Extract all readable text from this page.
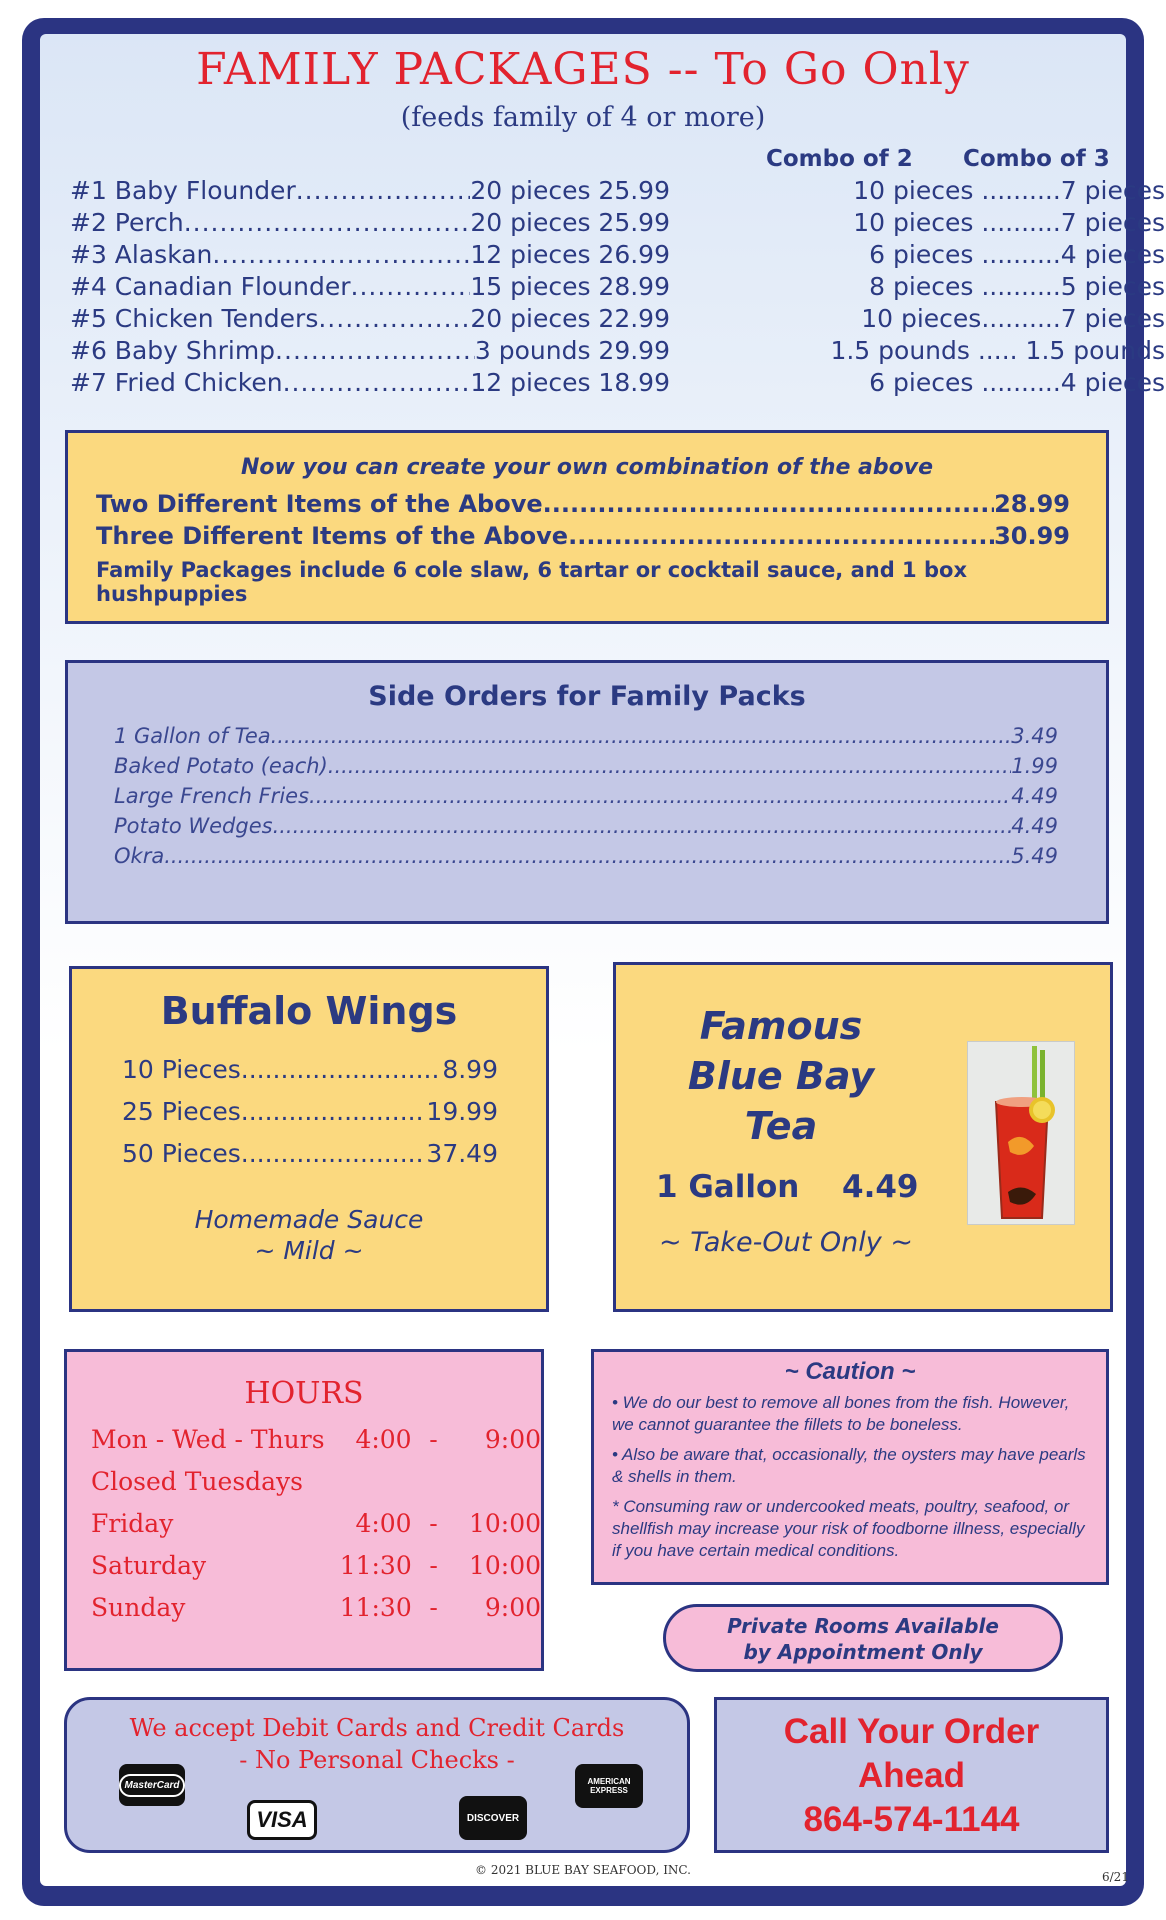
FAMILY PACKAGES -- To Go Only
(feeds family of 4 or more)
Combo of 2 Combo of 3
#1 Baby Flounder .....	20 pieces 25.99	10 pieces ..........7 pieces
#2 Perch .....	20 pieces 25.99	10 pieces ..........7 pieces
#3 Alaskan .....	12 pieces 26.99	6 pieces ..........4 pieces
#4 Canadian Flounder .....	15 pieces 28.99	8 pieces ..........5 pieces
#5 Chicken Tenders .....	20 pieces 22.99	10 pieces..........7 pieces
#6 Baby Shrimp .....	3 pounds 29.99	1.5 pounds ..... 1.5 pounds
#7 Fried Chicken .....	12 pieces 18.99	6 pieces ..........4 pieces
Now you can create your own combination of the above
Two Different Items of the Above .....	28.99
Three Different Items of the Above .....	30.99
Family Packages include 6 cole slaw, 6 tartar or cocktail sauce, and 1 box hushpuppies
Side Orders for Family Packs
1 Gallon of Tea .....	3.49
Baked Potato (each) .....	1.99
Large French Fries .....	4.49
Potato Wedges .....	4.49
Okra .....	5.49
Buffalo Wings
10 Pieces .....	8.99
25 Pieces .....	19.99
50 Pieces .....	37.49
Homemade Sauce
~ Mild ~
Famous
Blue Bay
Tea
1 Gallon 4.49
~ Take-Out Only ~
HOURS
Mon - Wed - Thurs	4:00 -	9:00
Closed Tuesdays
Friday	4:00 -	10:00
Saturday	11:30 -	10:00
Sunday	11:30 -	9:00
~ Caution ~
• We do our best to remove all bones from the fish. However, we cannot guarantee the fillets to be boneless.
• Also be aware that, occasionally, the oysters may have pearls & shells in them.
* Consuming raw or undercooked meats, poultry, seafood, or shellfish may increase your risk of foodborne illness, especially if you have certain medical conditions.
Private Rooms Available
by Appointment Only
We accept Debit Cards and Credit Cards
- No Personal Checks -
MasterCard
VISA	DISCOVER
AMERICAN EXPRESS
Call Your Order
Ahead
864-574-1144
© 2021 BLUE BAY SEAFOOD, INC.	6/21
